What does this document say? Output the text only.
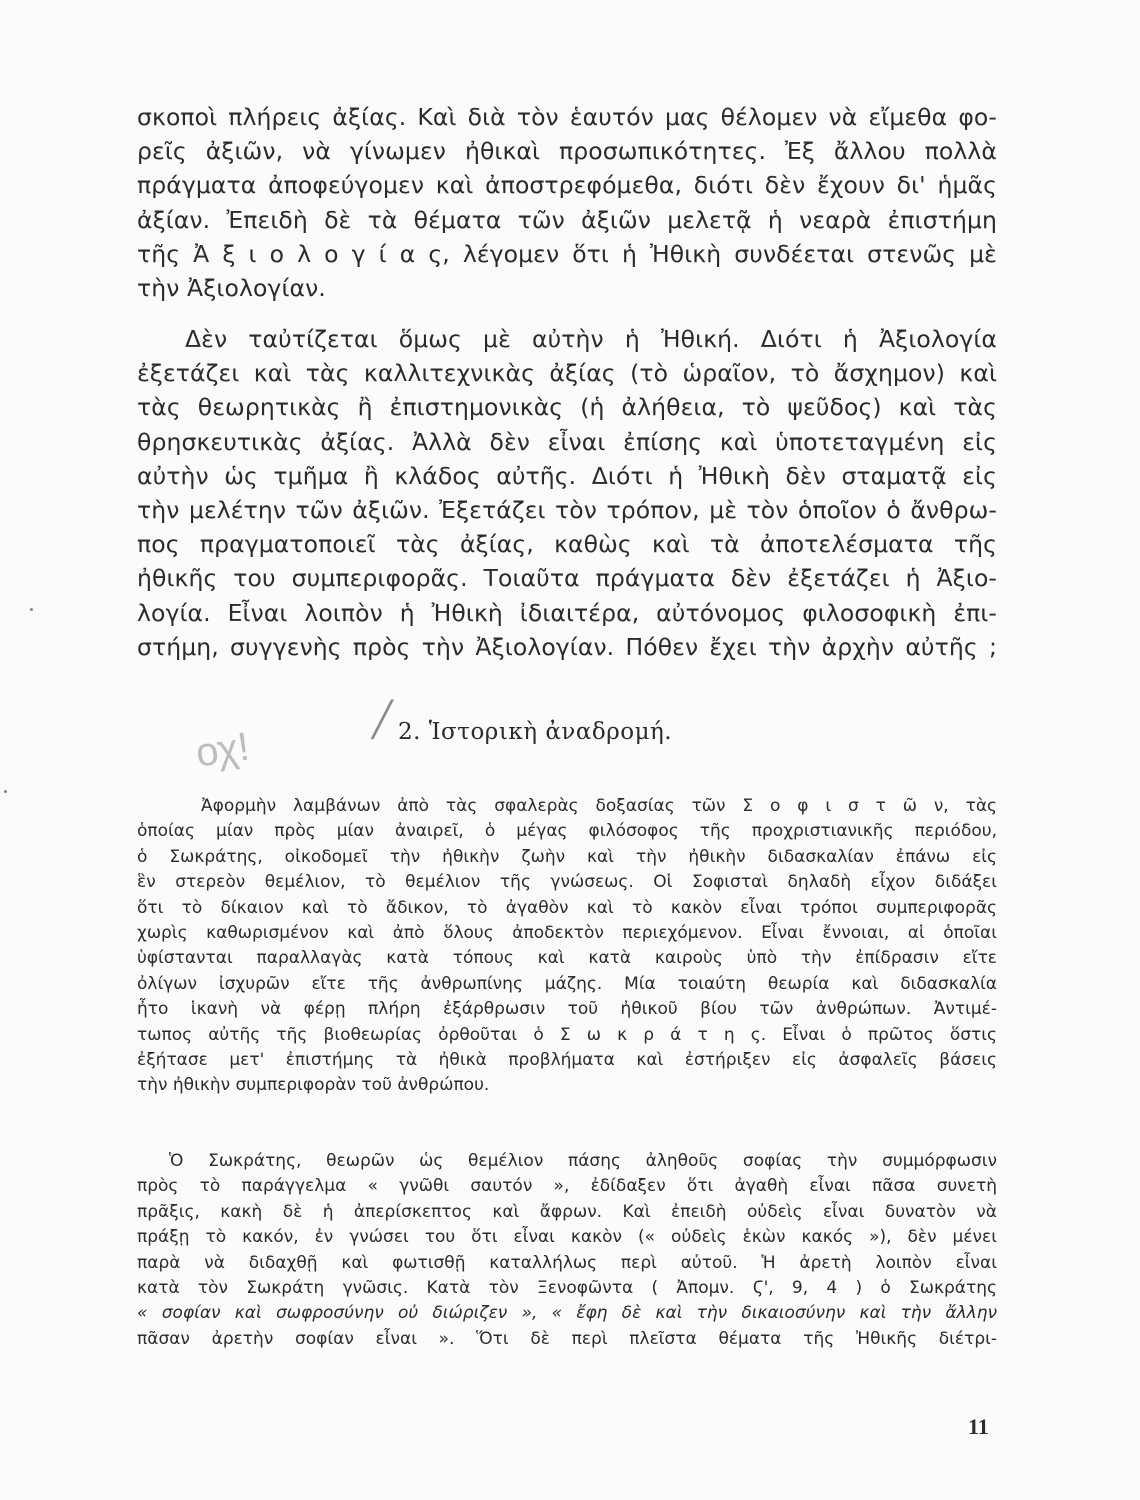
σκοποὶ πλήρεις ἀξίας. Καὶ διὰ τὸν ἑαυτόν μας θέλομεν νὰ εἴμεθα φο-
ρεῖς ἀξιῶν, νὰ γίνωμεν ἠθικαὶ προσωπικότητες. Ἐξ ἄλλου πολλὰ
πράγματα ἀποφεύγομεν καὶ ἀποστρεφόμεθα, διότι δὲν ἔχουν δι' ἡμᾶς
ἀξίαν. Ἐπειδὴ δὲ τὰ θέματα τῶν ἀξιῶν μελετᾷ ἡ νεαρὰ ἐπιστήμη
τῆς Ἀ ξ ι ο λ ο γ ί α ς, λέγομεν ὅτι ἡ Ἠθικὴ συνδέεται στενῶς μὲ
τὴν Ἀξιολογίαν.
Δὲν ταὐτίζεται ὅμως μὲ αὐτὴν ἡ Ἠθική. Διότι ἡ Ἀξιολογία
ἐξετάζει καὶ τὰς καλλιτεχνικὰς ἀξίας (τὸ ὡραῖον, τὸ ἄσχημον) καὶ
τὰς θεωρητικὰς ἢ ἐπιστημονικὰς (ἡ ἀλήθεια, τὸ ψεῦδος) καὶ τὰς
θρησκευτικὰς ἀξίας. Ἀλλὰ δὲν εἶναι ἐπίσης καὶ ὑποτεταγμένη εἰς
αὐτὴν ὡς τμῆμα ἢ κλάδος αὐτῆς. Διότι ἡ Ἠθικὴ δὲν σταματᾷ εἰς
τὴν μελέτην τῶν ἀξιῶν. Ἐξετάζει τὸν τρόπον, μὲ τὸν ὁποῖον ὁ ἄνθρω-
πος πραγματοποιεῖ τὰς ἀξίας, καθὼς καὶ τὰ ἀποτελέσματα τῆς
ἠθικῆς του συμπεριφορᾶς. Τοιαῦτα πράγματα δὲν ἐξετάζει ἡ Ἀξιο-
λογία. Εἶναι λοιπὸν ἡ Ἠθικὴ ἰδιαιτέρα, αὐτόνομος φιλοσοφικὴ ἐπι-
στήμη, συγγενὴς πρὸς τὴν Ἀξιολογίαν. Πόθεν ἔχει τὴν ἀρχὴν αὐτῆς ;
οχ!
╱ 2. Ἱστορικὴ ἀναδρομή.
Ἀφορμὴν λαμβάνων ἀπὸ τὰς σφαλερὰς δοξασίας τῶν Σ ο φ ι σ τ ῶ ν, τὰς
ὁποίας μίαν πρὸς μίαν ἀναιρεῖ, ὁ μέγας φιλόσοφος τῆς προχριστιανικῆς περιόδου,
ὁ Σωκράτης, οἰκοδομεῖ τὴν ἠθικὴν ζωὴν καὶ τὴν ἠθικὴν διδασκαλίαν ἐπάνω εἰς
ἓν στερεὸν θεμέλιον, τὸ θεμέλιον τῆς γνώσεως. Οἱ Σοφισταὶ δηλαδὴ εἶχον διδάξει
ὅτι τὸ δίκαιον καὶ τὸ ἄδικον, τὸ ἀγαθὸν καὶ τὸ κακὸν εἶναι τρόποι συμπεριφορᾶς
χωρὶς καθωρισμένον καὶ ἀπὸ ὅλους ἀποδεκτὸν περιεχόμενον. Εἶναι ἔννοιαι, αἱ ὁποῖαι
ὑφίστανται παραλλαγὰς κατὰ τόπους καὶ κατὰ καιροὺς ὑπὸ τὴν ἐπίδρασιν εἴτε
ὀλίγων ἰσχυρῶν εἴτε τῆς ἀνθρωπίνης μάζης. Μία τοιαύτη θεωρία καὶ διδασκαλία
ἦτο ἱκανὴ νὰ φέρῃ πλήρη ἐξάρθρωσιν τοῦ ἠθικοῦ βίου τῶν ἀνθρώπων. Ἀντιμέ-
τωπος αὐτῆς τῆς βιοθεωρίας ὀρθοῦται ὁ Σ ω κ ρ ά τ η ς. Εἶναι ὁ πρῶτος ὅστις
ἐξήτασε μετ' ἐπιστήμης τὰ ἠθικὰ προβλήματα καὶ ἐστήριξεν εἰς ἀσφαλεῖς βάσεις
τὴν ἠθικὴν συμπεριφορὰν τοῦ ἀνθρώπου.
Ὁ Σωκράτης, θεωρῶν ὡς θεμέλιον πάσης ἀληθοῦς σοφίας τὴν συμμόρφωσιν
πρὸς τὸ παράγγελμα « γνῶθι σαυτόν », ἐδίδαξεν ὅτι ἀγαθὴ εἶναι πᾶσα συνετὴ
πρᾶξις, κακὴ δὲ ἡ ἀπερίσκεπτος καὶ ἄφρων. Καὶ ἐπειδὴ οὐδεὶς εἶναι δυνατὸν νὰ
πράξῃ τὸ κακόν, ἐν γνώσει του ὅτι εἶναι κακὸν (« οὐδεὶς ἑκὼν κακός »), δὲν μένει
παρὰ νὰ διδαχθῇ καὶ φωτισθῇ καταλλήλως περὶ αὐτοῦ. Ἡ ἀρετὴ λοιπὸν εἶναι
κατὰ τὸν Σωκράτη γνῶσις. Κατὰ τὸν Ξενοφῶντα ( Ἀπομν. Ϛ', 9, 4 ) ὁ Σωκράτης
« σοφίαν καὶ σωφροσύνην οὐ διώριζεν », « ἔφη δὲ καὶ τὴν δικαιοσύνην καὶ τὴν ἄλλην
πᾶσαν ἀρετὴν σοφίαν εἶναι ». Ὅτι δὲ περὶ πλεῖστα θέματα τῆς Ἠθικῆς διέτρι-
11
